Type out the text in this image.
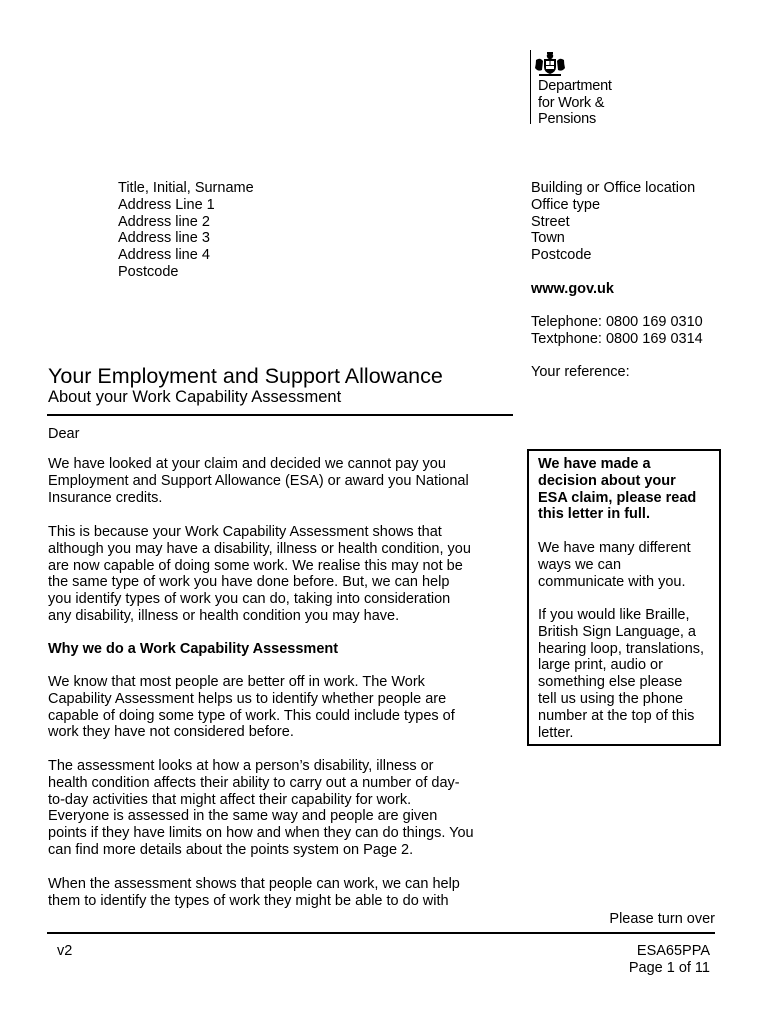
Department
for Work &
Pensions
Title, Initial, Surname
Address Line 1
Address line 2
Address line 3
Address line 4
Postcode
Building or Office location
Office type
Street
Town
Postcode
www.gov.uk
Telephone: 0800 169 0310
Textphone: 0800 169 0314
Your reference:
Your Employment and Support Allowance
About your Work Capability Assessment
Dear
We have looked at your claim and decided we cannot pay you
Employment and Support Allowance (ESA) or award you National
Insurance credits.
This is because your Work Capability Assessment shows that
although you may have a disability, illness or health condition, you
are now capable of doing some work. We realise this may not be
the same type of work you have done before. But, we can help
you identify types of work you can do, taking into consideration
any disability, illness or health condition you may have.
Why we do a Work Capability Assessment
We know that most people are better off in work. The Work
Capability Assessment helps us to identify whether people are
capable of doing some type of work. This could include types of
work they have not considered before.
The assessment looks at how a person’s disability, illness or
health condition affects their ability to carry out a number of day-
to-day activities that might affect their capability for work.
Everyone is assessed in the same way and people are given
points if they have limits on how and when they can do things. You
can find more details about the points system on Page 2.
When the assessment shows that people can work, we can help
them to identify the types of work they might be able to do with
We have made a
decision about your
ESA claim, please read
this letter in full.
We have many different
ways we can
communicate with you.
If you would like Braille,
British Sign Language, a
hearing loop, translations,
large print, audio or
something else please
tell us using the phone
number at the top of this
letter.
Please turn over
v2	ESA65PPA
Page 1 of 11
